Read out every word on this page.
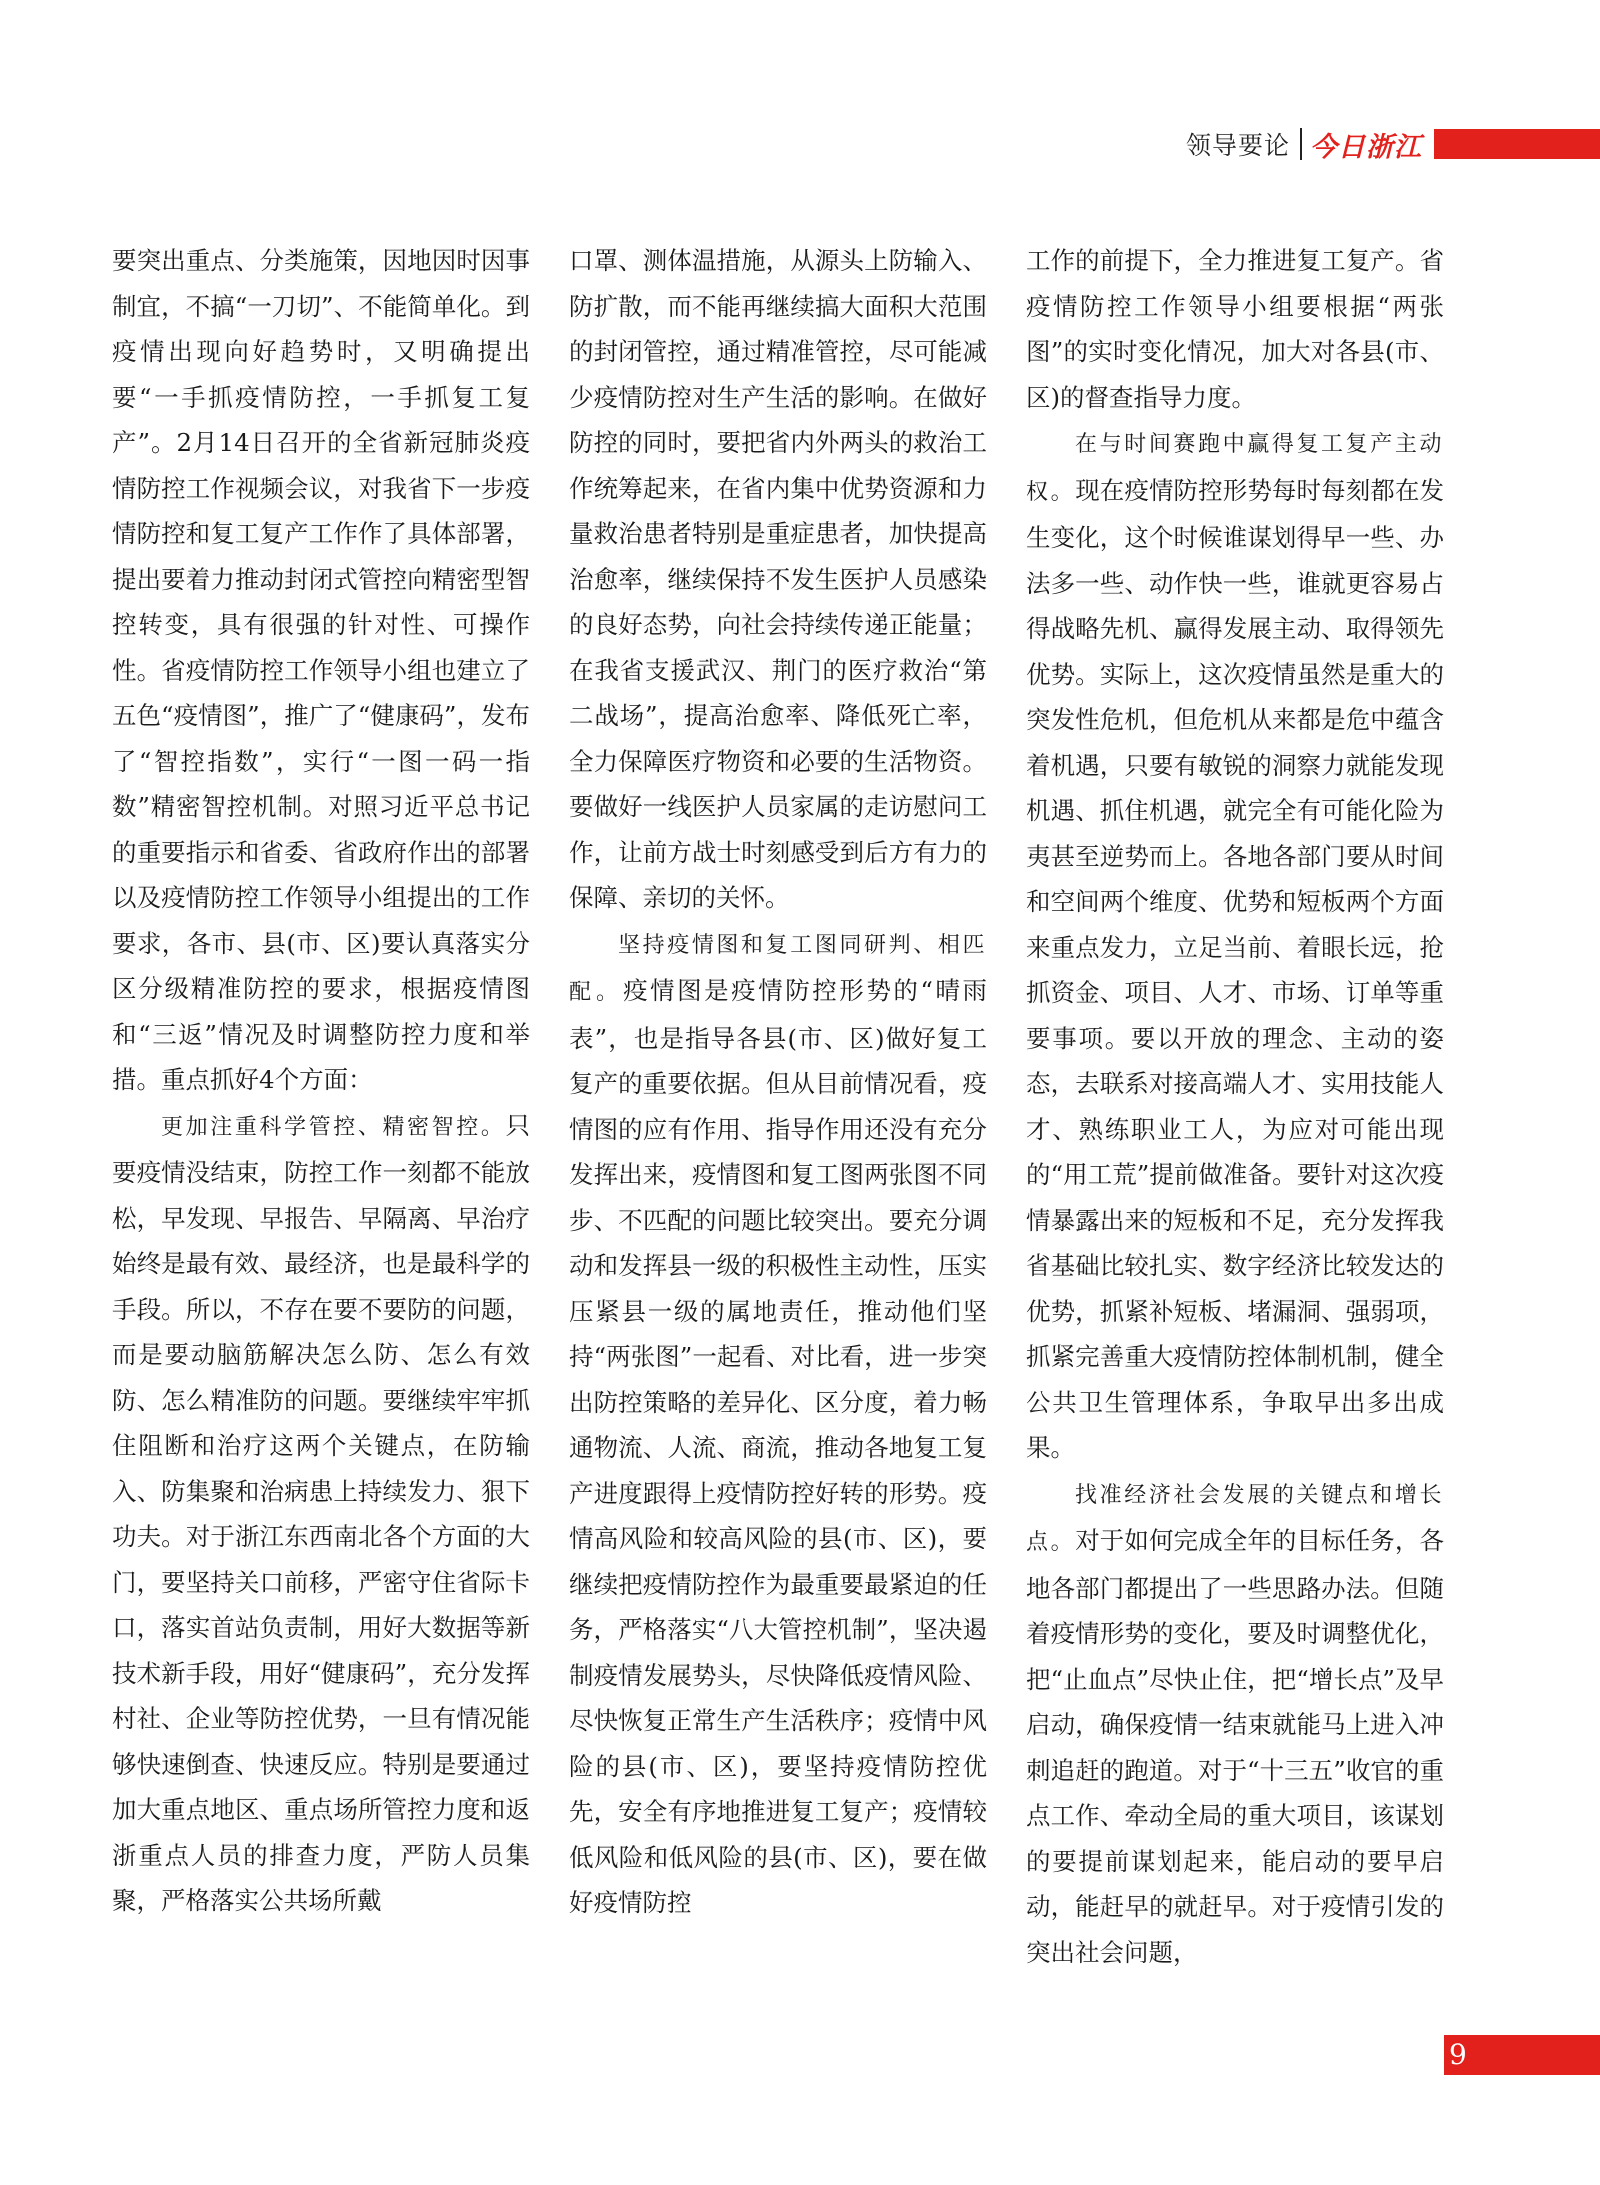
领导要论 今日浙江

要突出重点、分类施策，因地因时因事制宜，不搞“一刀切”、不能简单化。到疫情出现向好趋势时，又明确提出要“一手抓疫情防控，一手抓复工复产”。2月14日召开的全省新冠肺炎疫情防控工作视频会议，对我省下一步疫情防控和复工复产工作作了具体部署，提出要着力推动封闭式管控向精密型智控转变，具有很强的针对性、可操作性。省疫情防控工作领导小组也建立了五色“疫情图”，推广了“健康码”，发布了“智控指数”，实行“一图一码一指数”精密智控机制。对照习近平总书记的重要指示和省委、省政府作出的部署以及疫情防控工作领导小组提出的工作要求，各市、县(市、区)要认真落实分区分级精准防控的要求，根据疫情图和“三返”情况及时调整防控力度和举措。重点抓好4个方面：

更加注重科学管控、精密智控。只要疫情没结束，防控工作一刻都不能放松，早发现、早报告、早隔离、早治疗始终是最有效、最经济，也是最科学的手段。所以，不存在要不要防的问题，而是要动脑筋解决怎么防、怎么有效防、怎么精准防的问题。要继续牢牢抓住阻断和治疗这两个关键点，在防输入、防集聚和治病患上持续发力、狠下功夫。对于浙江东西南北各个方面的大门，要坚持关口前移，严密守住省际卡口，落实首站负责制，用好大数据等新技术新手段，用好“健康码”，充分发挥村社、企业等防控优势，一旦有情况能够快速倒查、快速反应。特别是要通过加大重点地区、重点场所管控力度和返浙重点人员的排查力度，严防人员集聚，严格落实公共场所戴

口罩、测体温措施，从源头上防输入、防扩散，而不能再继续搞大面积大范围的封闭管控，通过精准管控，尽可能减少疫情防控对生产生活的影响。在做好防控的同时，要把省内外两头的救治工作统筹起来，在省内集中优势资源和力量救治患者特别是重症患者，加快提高治愈率，继续保持不发生医护人员感染的良好态势，向社会持续传递正能量；在我省支援武汉、荆门的医疗救治“第二战场”，提高治愈率、降低死亡率，全力保障医疗物资和必要的生活物资。要做好一线医护人员家属的走访慰问工作，让前方战士时刻感受到后方有力的保障、亲切的关怀。

坚持疫情图和复工图同研判、相匹配。疫情图是疫情防控形势的“晴雨表”，也是指导各县(市、区)做好复工复产的重要依据。但从目前情况看，疫情图的应有作用、指导作用还没有充分发挥出来，疫情图和复工图两张图不同步、不匹配的问题比较突出。要充分调动和发挥县一级的积极性主动性，压实压紧县一级的属地责任，推动他们坚持“两张图”一起看、对比看，进一步突出防控策略的差异化、区分度，着力畅通物流、人流、商流，推动各地复工复产进度跟得上疫情防控好转的形势。疫情高风险和较高风险的县(市、区)，要继续把疫情防控作为最重要最紧迫的任务，严格落实“八大管控机制”，坚决遏制疫情发展势头，尽快降低疫情风险、尽快恢复正常生产生活秩序；疫情中风险的县(市、区)，要坚持疫情防控优先，安全有序地推进复工复产；疫情较低风险和低风险的县(市、区)，要在做好疫情防控

工作的前提下，全力推进复工复产。省疫情防控工作领导小组要根据“两张图”的实时变化情况，加大对各县(市、区)的督查指导力度。

在与时间赛跑中赢得复工复产主动权。现在疫情防控形势每时每刻都在发生变化，这个时候谁谋划得早一些、办法多一些、动作快一些，谁就更容易占得战略先机、赢得发展主动、取得领先优势。实际上，这次疫情虽然是重大的突发性危机，但危机从来都是危中蕴含着机遇，只要有敏锐的洞察力就能发现机遇、抓住机遇，就完全有可能化险为夷甚至逆势而上。各地各部门要从时间和空间两个维度、优势和短板两个方面来重点发力，立足当前、着眼长远，抢抓资金、项目、人才、市场、订单等重要事项。要以开放的理念、主动的姿态，去联系对接高端人才、实用技能人才、熟练职业工人，为应对可能出现的“用工荒”提前做准备。要针对这次疫情暴露出来的短板和不足，充分发挥我省基础比较扎实、数字经济比较发达的优势，抓紧补短板、堵漏洞、强弱项，抓紧完善重大疫情防控体制机制，健全公共卫生管理体系，争取早出多出成果。

找准经济社会发展的关键点和增长点。对于如何完成全年的目标任务，各地各部门都提出了一些思路办法。但随着疫情形势的变化，要及时调整优化，把“止血点”尽快止住，把“增长点”及早启动，确保疫情一结束就能马上进入冲刺追赶的跑道。对于“十三五”收官的重点工作、牵动全局的重大项目，该谋划的要提前谋划起来，能启动的要早启动，能赶早的就赶早。对于疫情引发的突出社会问题，

9
